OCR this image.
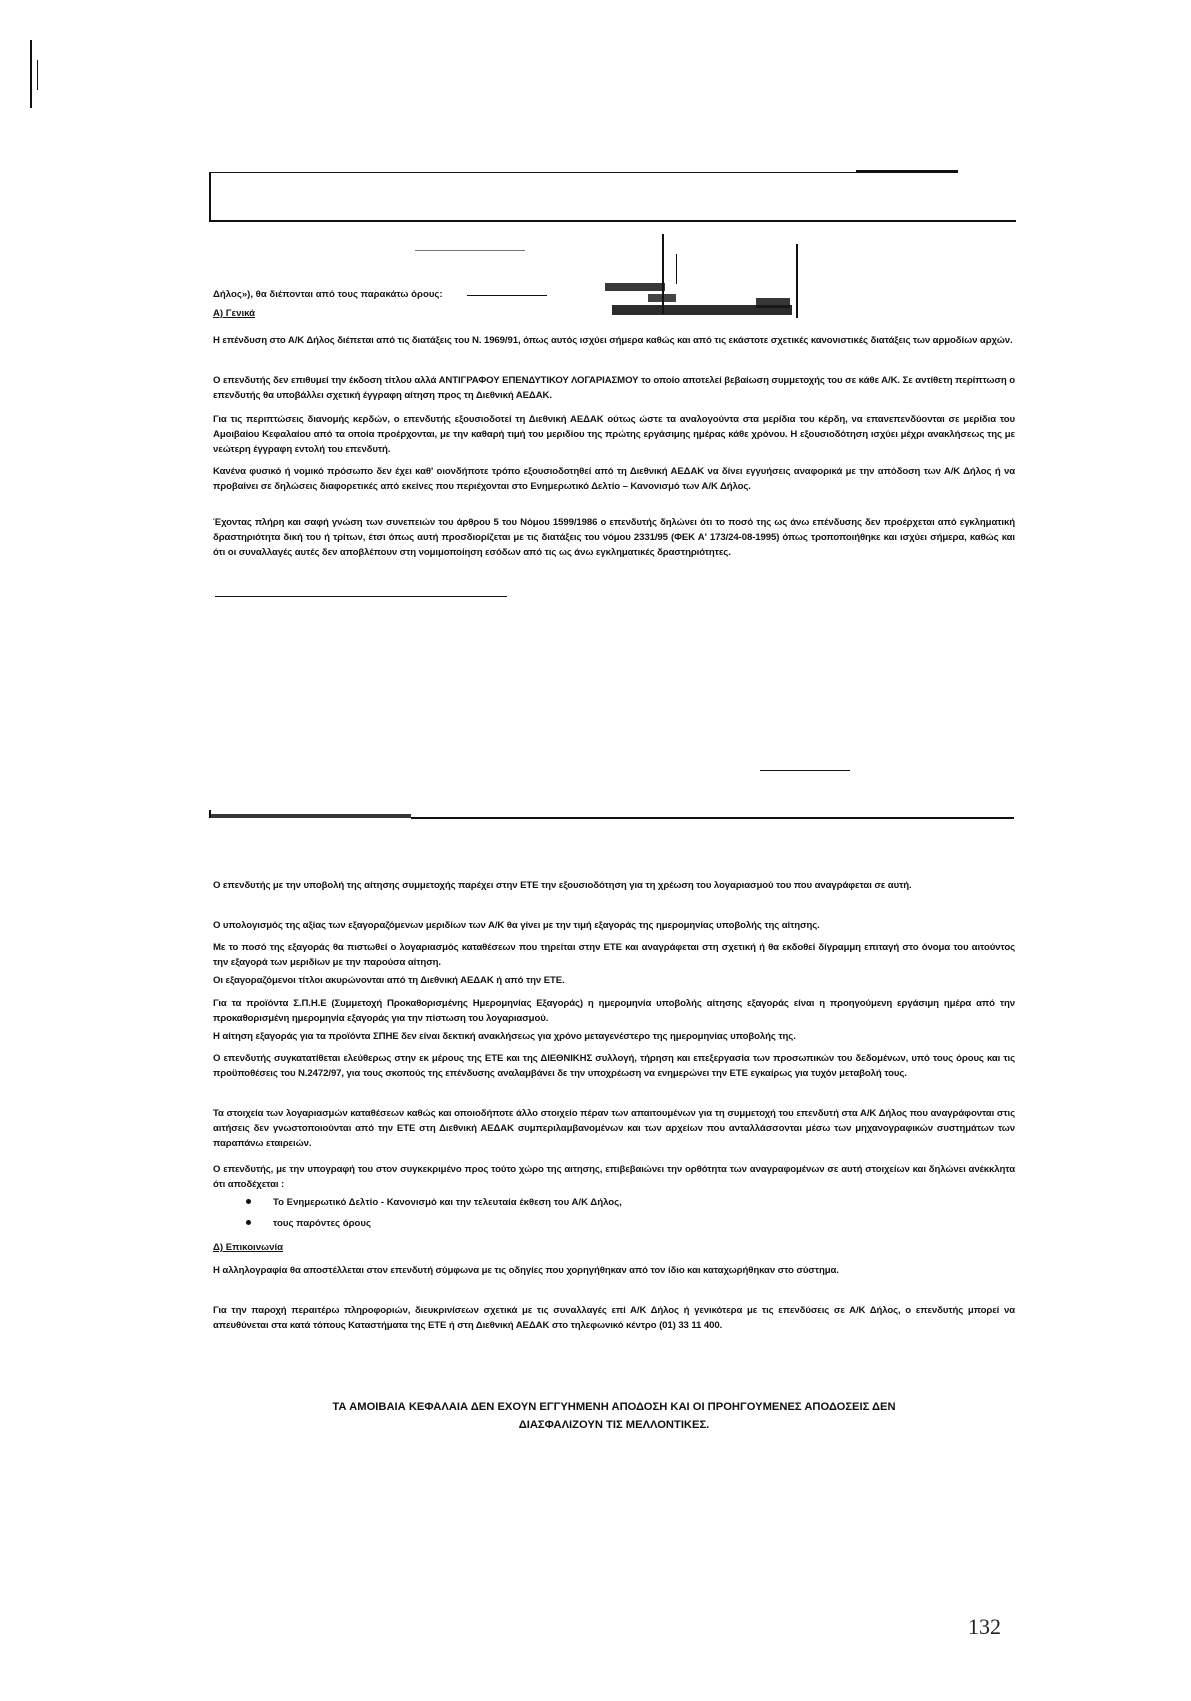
Δήλος»), θα διέπονται από τους παρακάτω όρους:
Α) Γενικά

Η επένδυση στο Α/Κ Δήλος διέπεται από τις διατάξεις του Ν. 1969/91, όπως αυτός ισχύει σήμερα καθώς και από τις εκάστοτε σχετικές κανονιστικές διατάξεις των αρμοδίων αρχών.

Ο επενδυτής δεν επιθυμεί την έκδοση τίτλου αλλά ΑΝΤΙΓΡΑΦΟΥ ΕΠΕΝΔΥΤΙΚΟΥ ΛΟΓΑΡΙΑΣΜΟΥ το οποίο αποτελεί βεβαίωση συμμετοχής του σε κάθε Α/Κ. Σε αντίθετη περίπτωση ο επενδυτής θα υποβάλλει σχετική έγγραφη αίτηση προς τη Διεθνική ΑΕΔΑΚ.

Για τις περιπτώσεις διανομής κερδών, ο επενδυτής εξουσιοδοτεί τη Διεθνική ΑΕΔΑΚ ούτως ώστε τα αναλογούντα στα μερίδια του κέρδη, να επανεπενδύονται σε μερίδια του Αμοιβαίου Κεφαλαίου από τα οποία προέρχονται, με την καθαρή τιμή του μεριδίου της πρώτης εργάσιμης ημέρας κάθε χρόνου. Η εξουσιοδότηση ισχύει μέχρι ανακλήσεως της με νεώτερη έγγραφη εντολή του επενδυτή.

Κανένα φυσικό ή νομικό πρόσωπο δεν έχει καθ' οιονδήποτε τρόπο εξουσιοδοτηθεί από τη Διεθνική ΑΕΔΑΚ να δίνει εγγυήσεις αναφορικά με την απόδοση των Α/Κ Δήλος ή να προβαίνει σε δηλώσεις διαφορετικές από εκείνες που περιέχονται στο Ενημερωτικό Δελτίο – Κανονισμό των Α/Κ Δήλος.

Έχοντας πλήρη και σαφή γνώση των συνεπειών του άρθρου 5 του Νόμου 1599/1986 ο επενδυτής δηλώνει ότι το ποσό της ως άνω επένδυσης δεν προέρχεται από εγκληματική δραστηριότητα δική του ή τρίτων, έτσι όπως αυτή προσδιορίζεται με τις διατάξεις του νόμου 2331/95 (ΦΕΚ Α' 173/24-08-1995) όπως τροποποιήθηκε και ισχύει σήμερα, καθώς και ότι οι συναλλαγές αυτές δεν αποβλέπουν στη νομιμοποίηση εσόδων από τις ως άνω εγκληματικές δραστηριότητες.

Ο επενδυτής με την υποβολή της αίτησης συμμετοχής παρέχει στην ΕΤΕ την εξουσιοδότηση για τη χρέωση του λογαριασμού του που αναγράφεται σε αυτή.

Ο υπολογισμός της αξίας των εξαγοραζόμενων μεριδίων των Α/Κ θα γίνει με την τιμή εξαγοράς της ημερομηνίας υποβολής της αίτησης.

Με το ποσό της εξαγοράς θα πιστωθεί ο λογαριασμός καταθέσεων που τηρείται στην ΕΤΕ και αναγράφεται στη σχετική ή θα εκδοθεί δίγραμμη επιταγή στο όνομα του αιτούντος την εξαγορά των μεριδίων με την παρούσα αίτηση.

Οι εξαγοραζόμενοι τίτλοι ακυρώνονται από τη Διεθνική ΑΕΔΑΚ ή από την ΕΤΕ.

Για τα προϊόντα Σ.Π.Η.Ε (Συμμετοχή Προκαθορισμένης Ημερομηνίας Εξαγοράς) η ημερομηνία υποβολής αίτησης εξαγοράς είναι η προηγούμενη εργάσιμη ημέρα από την προκαθορισμένη ημερομηνία εξαγοράς για την πίστωση του λογαριασμού.

Η αίτηση εξαγοράς για τα προϊόντα ΣΠΗΕ δεν είναι δεκτική ανακλήσεως για χρόνο μεταγενέστερο της ημερομηνίας υποβολής της.

Ο επενδυτής συγκατατίθεται ελεύθερως στην εκ μέρους της ΕΤΕ και της ΔΙΕΘΝΙΚΗΣ συλλογή, τήρηση και επεξεργασία των προσωπικών του δεδομένων, υπό τους όρους και τις προϋποθέσεις του Ν.2472/97, για τους σκοπούς της επένδυσης αναλαμβάνει δε την υποχρέωση να ενημερώνει την ΕΤΕ εγκαίρως για τυχόν μεταβολή τους.

Τα στοιχεία των λογαριασμών καταθέσεων καθώς και οποιοδήποτε άλλο στοιχείο πέραν των απαιτουμένων για τη συμμετοχή του επενδυτή στα Α/Κ Δήλος που αναγράφονται στις αιτήσεις δεν γνωστοποιούνται από την ΕΤΕ στη Διεθνική ΑΕΔΑΚ συμπεριλαμβανομένων και των αρχείων που ανταλλάσσονται μέσω των μηχανογραφικών συστημάτων των παραπάνω εταιρειών.

Ο επενδυτής, με την υπογραφή του στον συγκεκριμένο προς τούτο χώρο της αιτησης, επιβεβαιώνει την ορθότητα των αναγραφομένων σε αυτή στοιχείων και δηλώνει ανέκκλητα ότι αποδέχεται :

Το Ενημερωτικό Δελτίο - Κανονισμό και την τελευταία έκθεση του Α/Κ Δήλος,
τους παρόντες όρους
Δ) Επικοινωνία

Η αλληλογραφία θα αποστέλλεται στον επενδυτή σύμφωνα με τις οδηγίες που χορηγήθηκαν από τον ίδιο και καταχωρήθηκαν στο σύστημα.

Για την παροχή περαιτέρω πληροφοριών, διευκρινίσεων σχετικά με τις συναλλαγές επί Α/Κ Δήλος ή γενικότερα με τις επενδύσεις σε Α/Κ Δήλος, ο επενδυτής μπορεί να απευθύνεται στα κατά τόπους Καταστήματα της ΕΤΕ ή στη Διεθνική ΑΕΔΑΚ στο τηλεφωνικό κέντρο (01) 33 11 400.

ΤΑ ΑΜΟΙΒΑΙΑ ΚΕΦΑΛΑΙΑ ΔΕΝ ΕΧΟΥΝ ΕΓΓΥΗΜΕΝΗ ΑΠΟΔΟΣΗ ΚΑΙ ΟΙ ΠΡΟΗΓΟΥΜΕΝΕΣ ΑΠΟΔΟΣΕΙΣ ΔΕΝ
ΔΙΑΣΦΑΛΙΖΟΥΝ ΤΙΣ ΜΕΛΛΟΝΤΙΚΕΣ.
132
